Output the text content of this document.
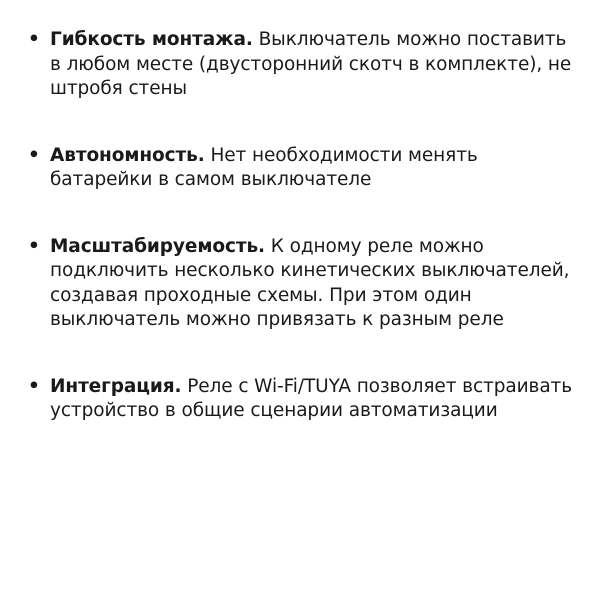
• Гибкость монтажа. Выключатель можно поставить в любом месте (двусторонний скотч в комплекте), не штробя стены
• Автономность. Нет необходимости менять батарейки в самом выключателе
• Масштабируемость. К одному реле можно подключить несколько кинетических выключателей, создавая проходные схемы. При этом один выключатель можно привязать к разным реле
• Интеграция. Реле с Wi-Fi/TUYA позволяет встраивать устройство в общие сценарии автоматизации
